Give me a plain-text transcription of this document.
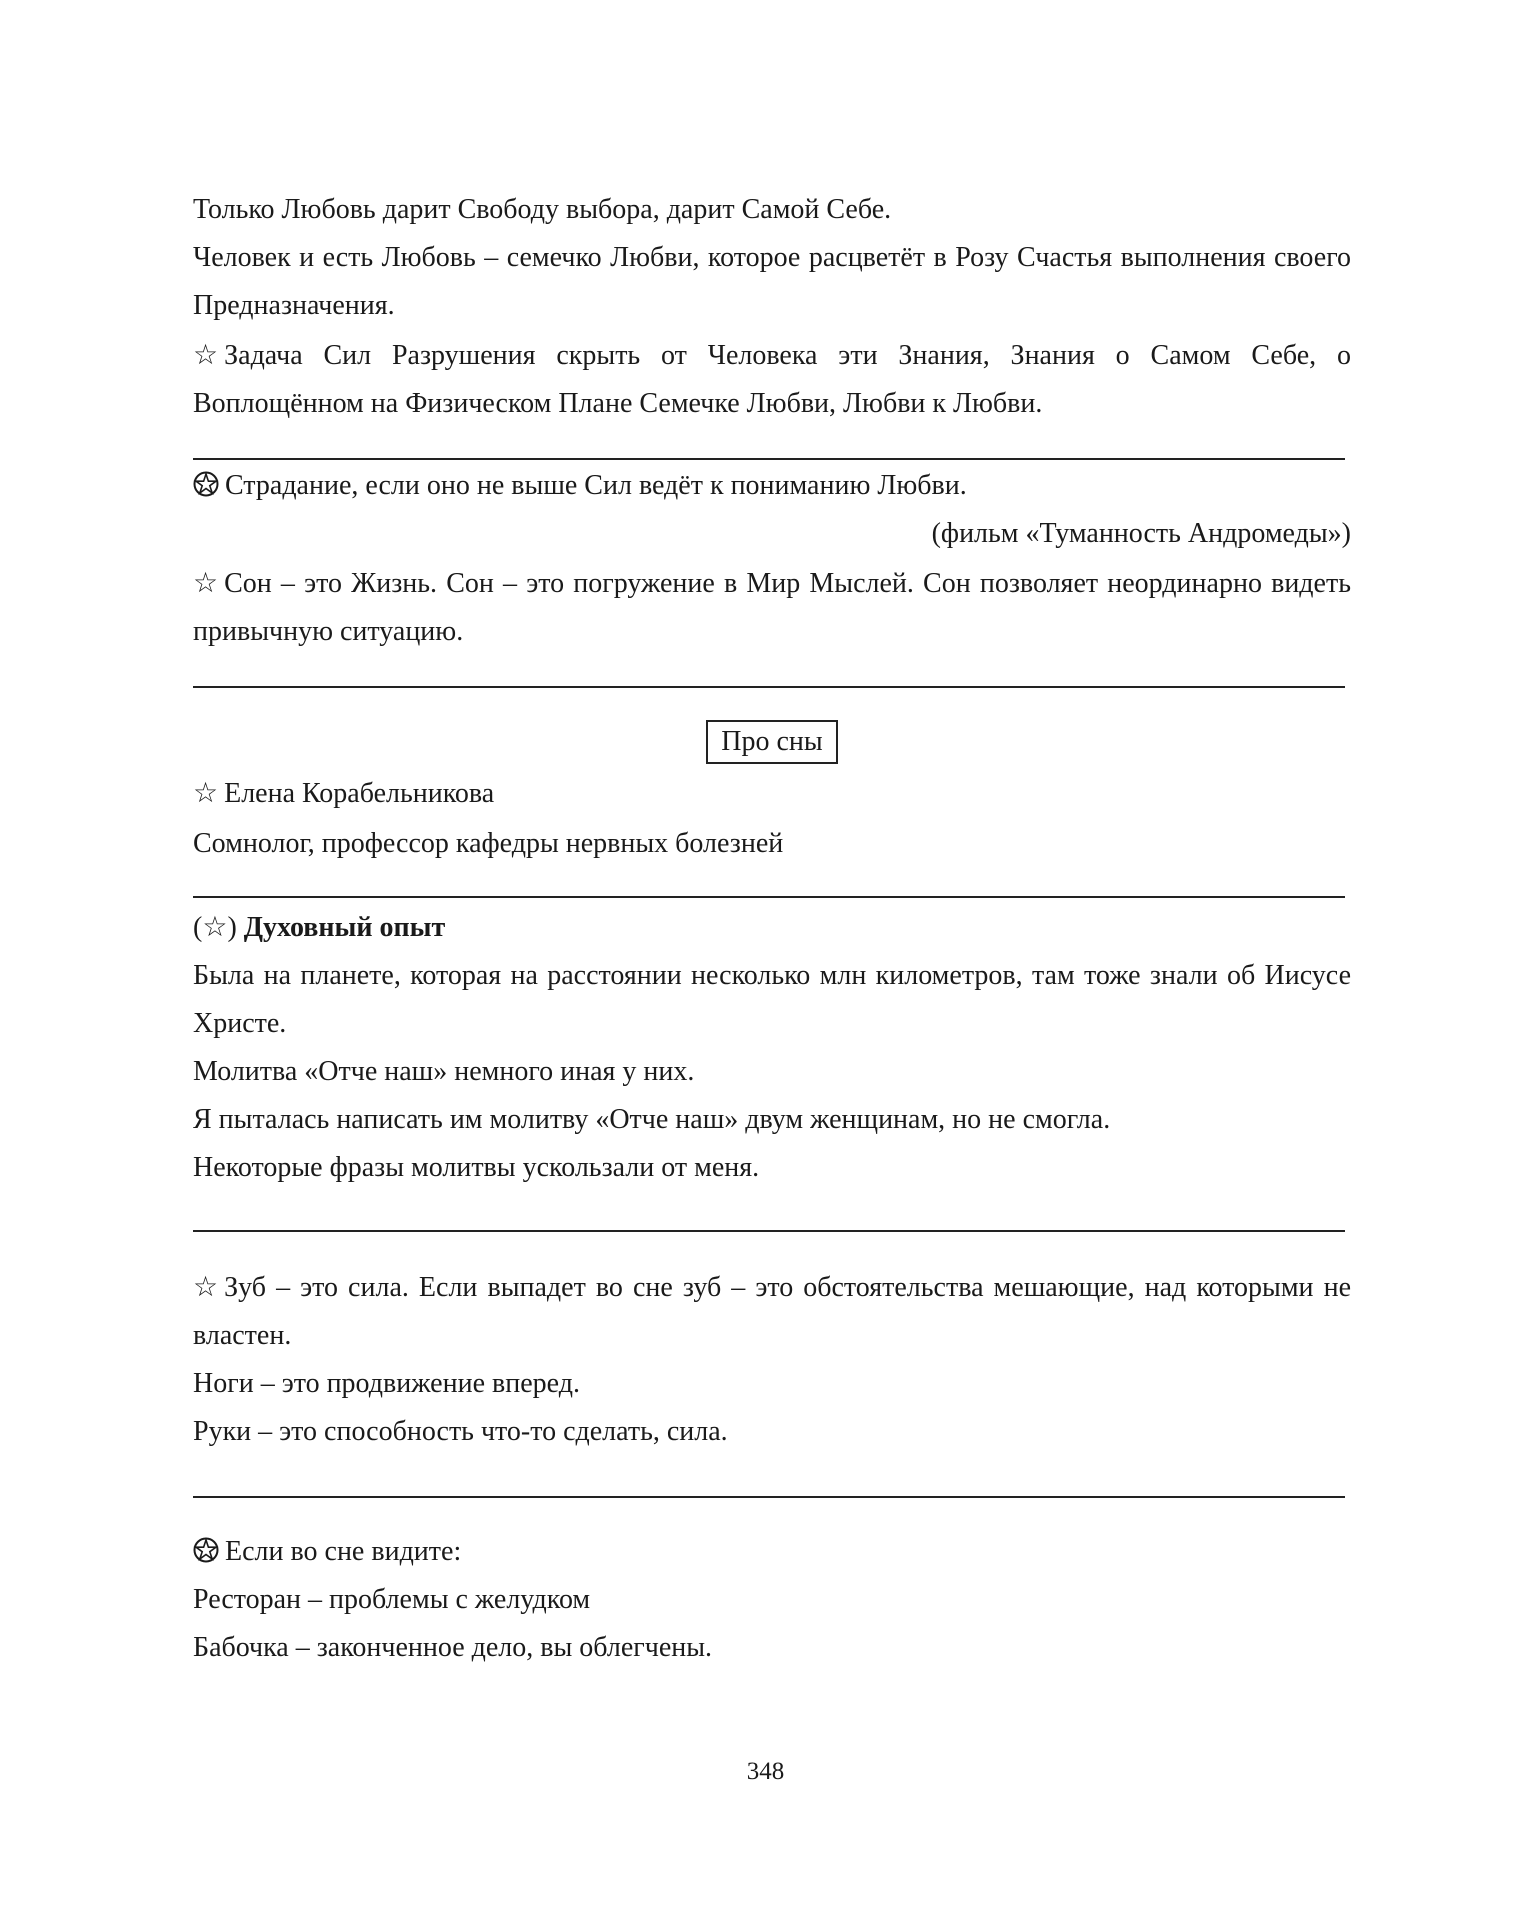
Только Любовь дарит Свободу выбора, дарит Самой Себе.

Человек и есть Любовь – семечко Любви, которое расцветёт в Розу Счастья выполнения своего Предназначения.

☆ Задача Сил Разрушения скрыть от Человека эти Знания, Знания о Самом Себе, о Воплощённом на Физическом Плане Семечке Любви, Любви к Любви.

Страдание, если оно не выше Сил ведёт к пониманию Любви.

(фильм «Туманность Андромеды»)

☆ Сон – это Жизнь. Сон – это погружение в Мир Мыслей. Сон позволяет неординарно видеть привычную ситуацию.

Про сны

☆ Елена Корабельникова

Сомнолог, профессор кафедры нервных болезней

(☆) Духовный опыт

Была на планете, которая на расстоянии несколько млн километров, там тоже знали об Иисусе Христе.

Молитва «Отче наш» немного иная у них.

Я пыталась написать им молитву «Отче наш» двум женщинам, но не смогла.

Некоторые фразы молитвы ускользали от меня.

☆ Зуб – это сила. Если выпадет во сне зуб – это обстоятельства мешающие, над которыми не властен.

Ноги – это продвижение вперед.

Руки – это способность что-то сделать, сила.

Если во сне видите:

Ресторан – проблемы с желудком

Бабочка – законченное дело, вы облегчены.

348
